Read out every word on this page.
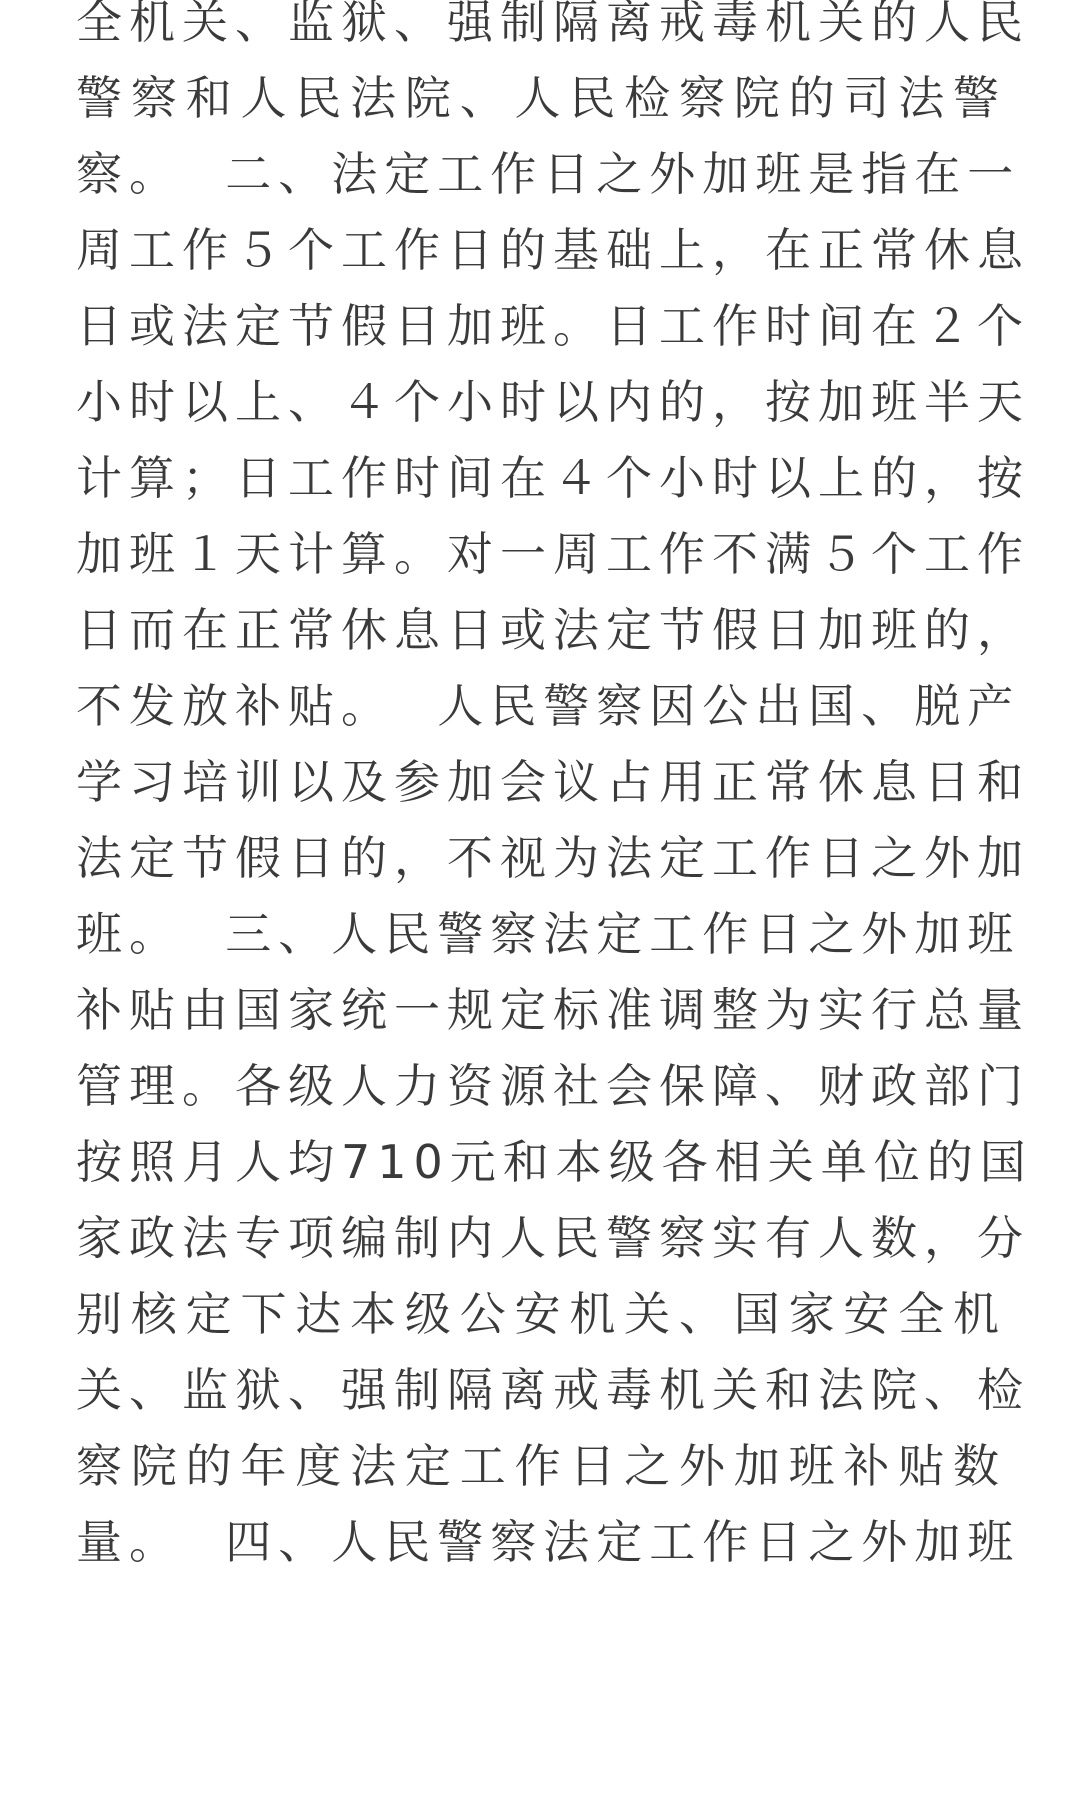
全机关、监狱、强制隔离戒毒机关的人民
警察和人民法院、人民检察院的司法警
察。  二、法定工作日之外加班是指在一
周工作５个工作日的基础上，在正常休息
日或法定节假日加班。日工作时间在２个
小时以上、４个小时以内的，按加班半天
计算；日工作时间在４个小时以上的，按
加班１天计算。对一周工作不满５个工作
日而在正常休息日或法定节假日加班的，
不发放补贴。  人民警察因公出国、脱产
学习培训以及参加会议占用正常休息日和
法定节假日的，不视为法定工作日之外加
班。  三、人民警察法定工作日之外加班
补贴由国家统一规定标准调整为实行总量
管理。各级人力资源社会保障、财政部门
按照月人均710元和本级各相关单位的国
家政法专项编制内人民警察实有人数，分
别核定下达本级公安机关、国家安全机
关、监狱、强制隔离戒毒机关和法院、检
察院的年度法定工作日之外加班补贴数
量。  四、人民警察法定工作日之外加班
